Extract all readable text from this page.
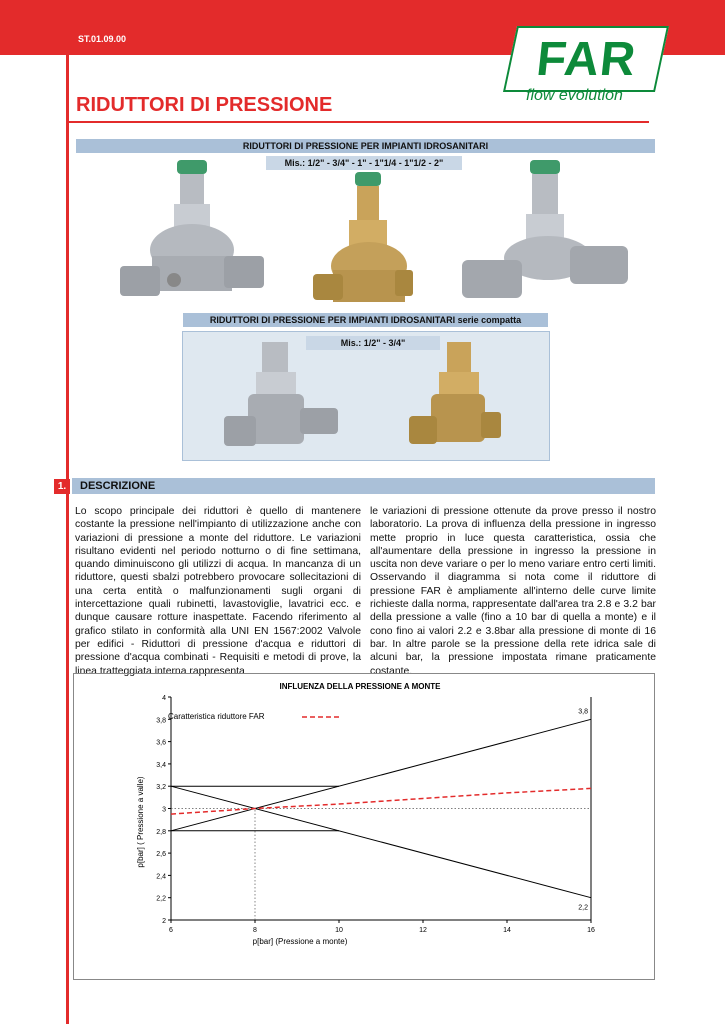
ST.01.09.00	FAR
flow evolution
RIDUTTORI DI PRESSIONE
RIDUTTORI DI PRESSIONE PER IMPIANTI IDROSANITARI
Mis.: 1/2" - 3/4" - 1" - 1"1/4 - 1"1/2 - 2"
RIDUTTORI DI PRESSIONE PER IMPIANTI IDROSANITARI serie compatta
Mis.: 1/2" - 3/4"
1.	DESCRIZIONE
Lo scopo principale dei riduttori è quello di mantenere costante la pressione nell'impianto di utilizzazione anche con variazioni di pressione a monte del riduttore. Le variazioni risultano evidenti nel periodo notturno o di fine settimana, quando diminuiscono gli utilizzi di acqua. In mancanza di un riduttore, questi sbalzi potrebbero provocare sollecitazioni di una certa entità o malfunzionamenti sugli organi di intercettazione quali rubinetti, lavastoviglie, lavatrici ecc. e dunque causare rotture inaspettate. Facendo riferimento al grafico stilato in conformità alla UNI EN 1567:2002 Valvole per edifici - Riduttori di pressione d'acqua e riduttori di pressione d'acqua combinati - Requisiti e metodi di prove, la linea tratteggiata interna rappresenta
le variazioni di pressione ottenute da prove presso il nostro laboratorio. La prova di influenza della pressione in ingresso mette proprio in luce questa caratteristica, ossia che all'aumentare della pressione in ingresso la pressione in uscita non deve variare o per lo meno variare entro certi limiti. Osservando il diagramma si nota come il riduttore di pressione FAR è ampliamente all'interno delle curve limite richieste dalla norma, rappresentate dall'area tra 2.8 e 3.2 bar della pressione a valle (fino a 10 bar di quella a monte) e il cono fino ai valori 2.2 e 3.8bar alla pressione di monte di 16 bar. In altre parole se la pressione della rete idrica sale di alcuni bar, la pressione impostata rimane praticamente costante.
INFLUENZA DELLA PRESSIONE A MONTE
2
2,2
2,4
2,6
2,8
3
3,2
3,4
3,6
3,8
4
6	8	10	12	14	16
3,8
2,2
p[bar] (Pressione a monte)
p[bar] ( Pressione a valle)
Caratteristica riduttore FAR
